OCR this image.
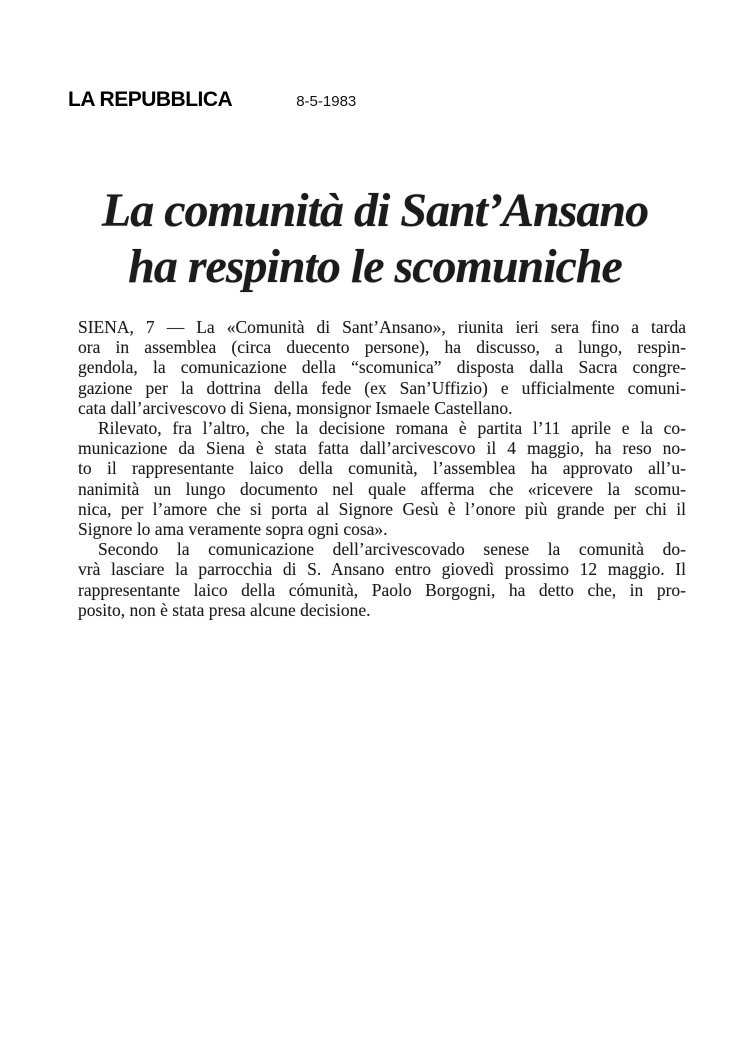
LA REPUBBLICA	8-5-1983
La comunità di Sant’Ansano
ha respinto le scomuniche
SIENA, 7 — La «Comunità di Sant’Ansano», riunita ieri sera fino a tarda
ora in assemblea (circa duecento persone), ha discusso, a lungo, respin-
gendola, la comunicazione della “scomunica” disposta dalla Sacra congre-
gazione per la dottrina della fede (ex San’Uffizio) e ufficialmente comuni-
cata dall’arcivescovo di Siena, monsignor Ismaele Castellano.
Rilevato, fra l’altro, che la decisione romana è partita l’11 aprile e la co-
municazione da Siena è stata fatta dall’arcivescovo il 4 maggio, ha reso no-
to il rappresentante laico della comunità, l’assemblea ha approvato all’u-
nanimità un lungo documento nel quale afferma che «ricevere la scomu-
nica, per l’amore che si porta al Signore Gesù è l’onore più grande per chi il
Signore lo ama veramente sopra ogni cosa».
Secondo la comunicazione dell’arcivescovado senese la comunità do-
vrà lasciare la parrocchia di S. Ansano entro giovedì prossimo 12 maggio. Il
rappresentante laico della cómunità, Paolo Borgogni, ha detto che, in pro-
posito, non è stata presa alcune decisione.
